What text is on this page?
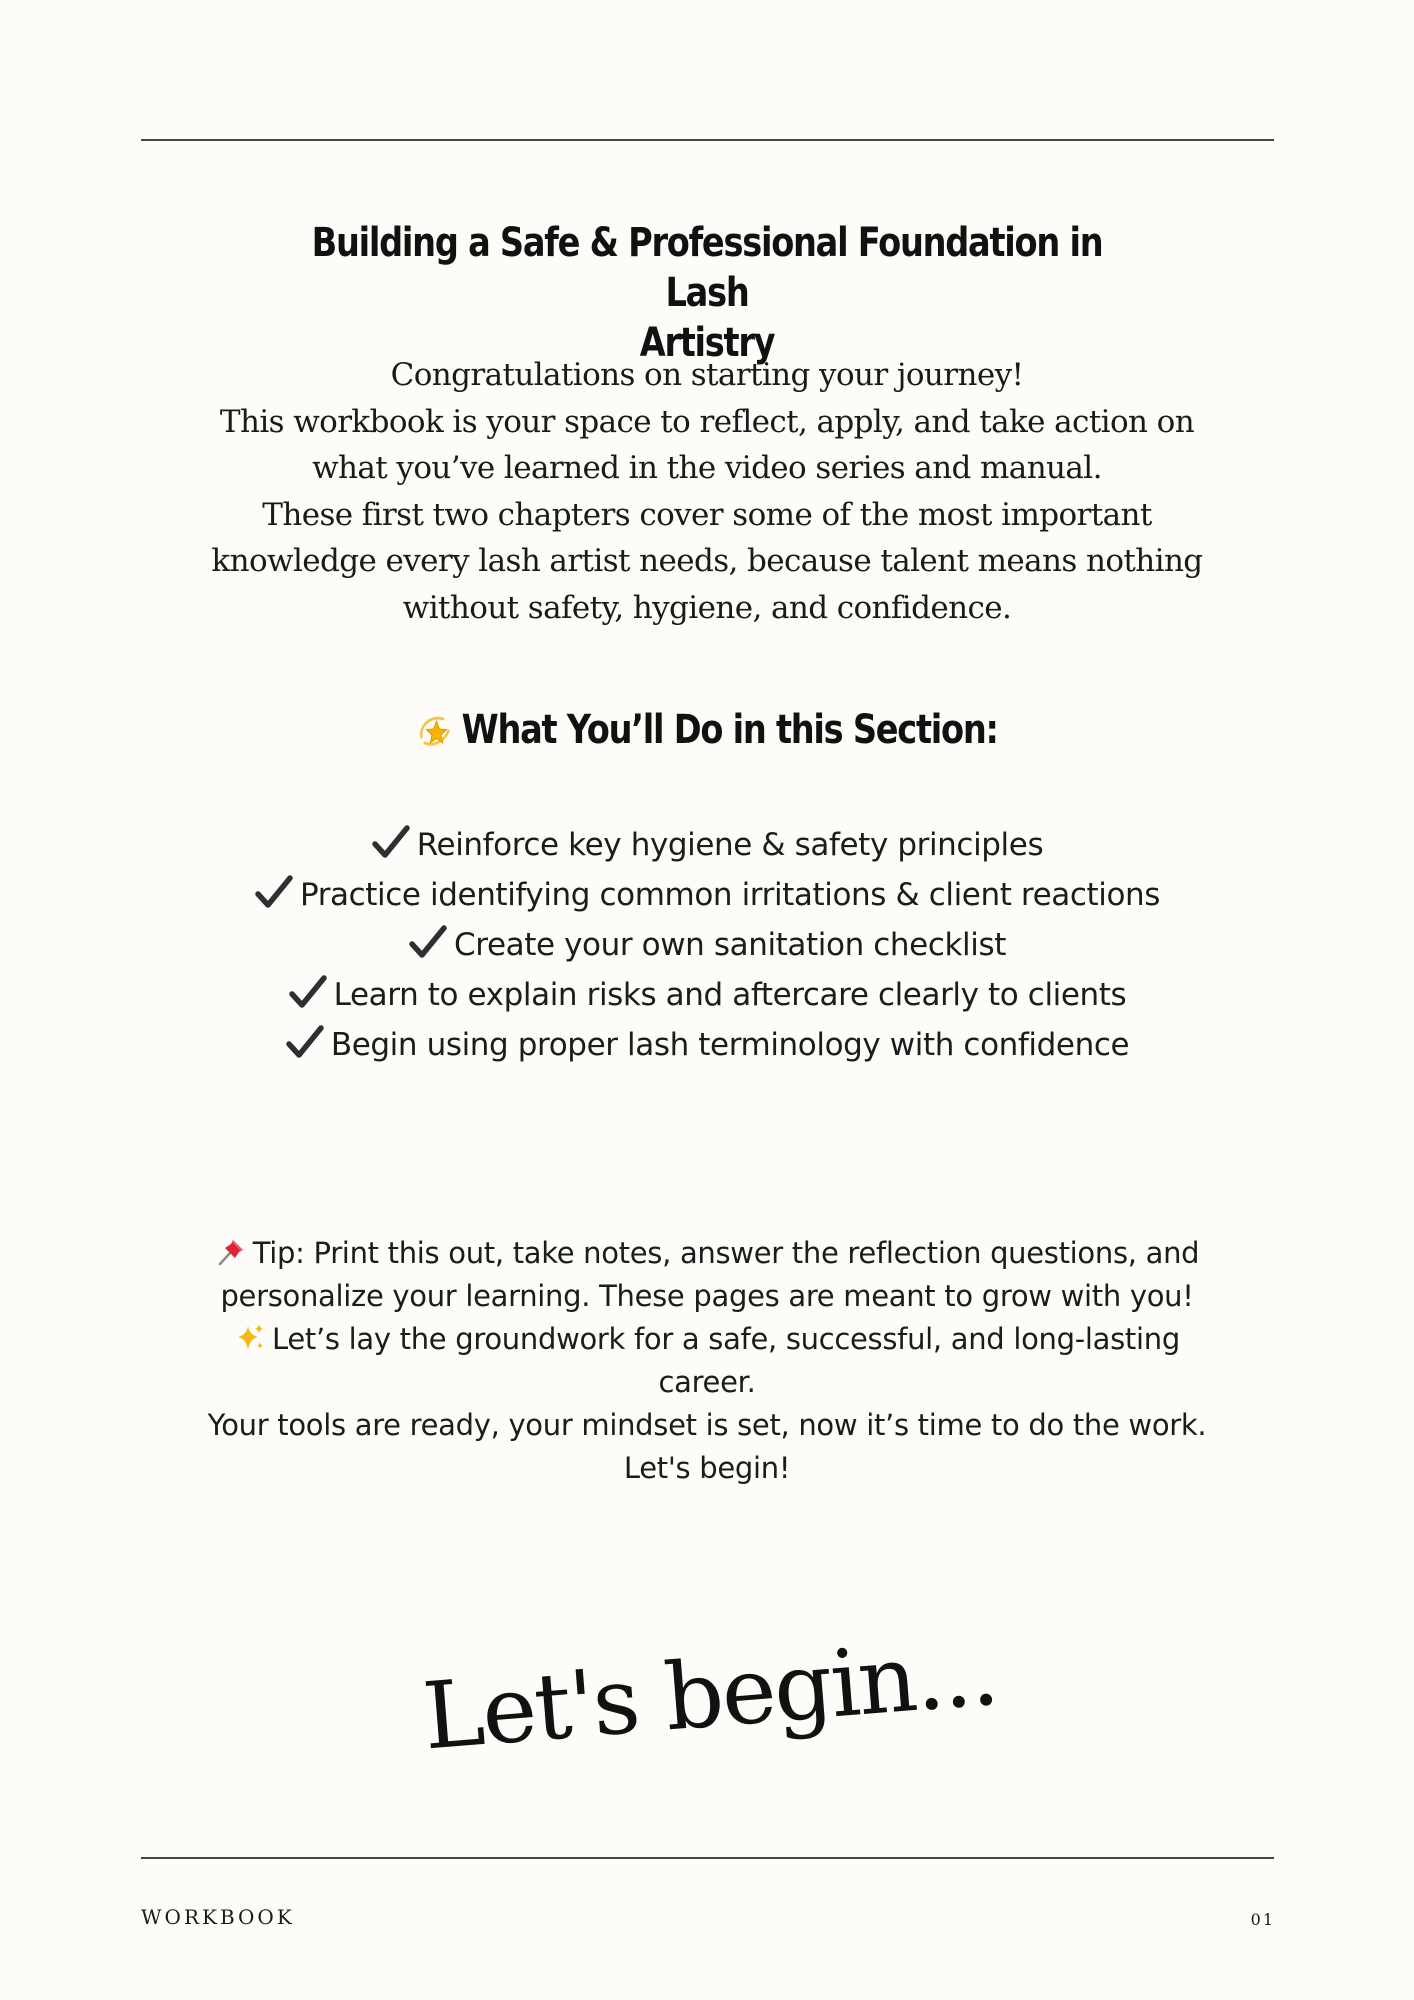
Building a Safe & Professional Foundation in Lash
Artistry
Congratulations on starting your journey!
This workbook is your space to reflect, apply, and take action on
what you’ve learned in the video series and manual.
These first two chapters cover some of the most important
knowledge every lash artist needs, because talent means nothing
without safety, hygiene, and confidence.
What You’ll Do in this Section:
Reinforce key hygiene & safety principles
Practice identifying common irritations & client reactions
Create your own sanitation checklist
Learn to explain risks and aftercare clearly to clients
Begin using proper lash terminology with confidence
Tip: Print this out, take notes, answer the reflection questions, and
personalize your learning. These pages are meant to grow with you!
Let’s lay the groundwork for a safe, successful, and long-lasting
career.
Your tools are ready, your mindset is set, now it’s time to do the work.
Let's begin!
Let's begin...
WORKBOOK	01
